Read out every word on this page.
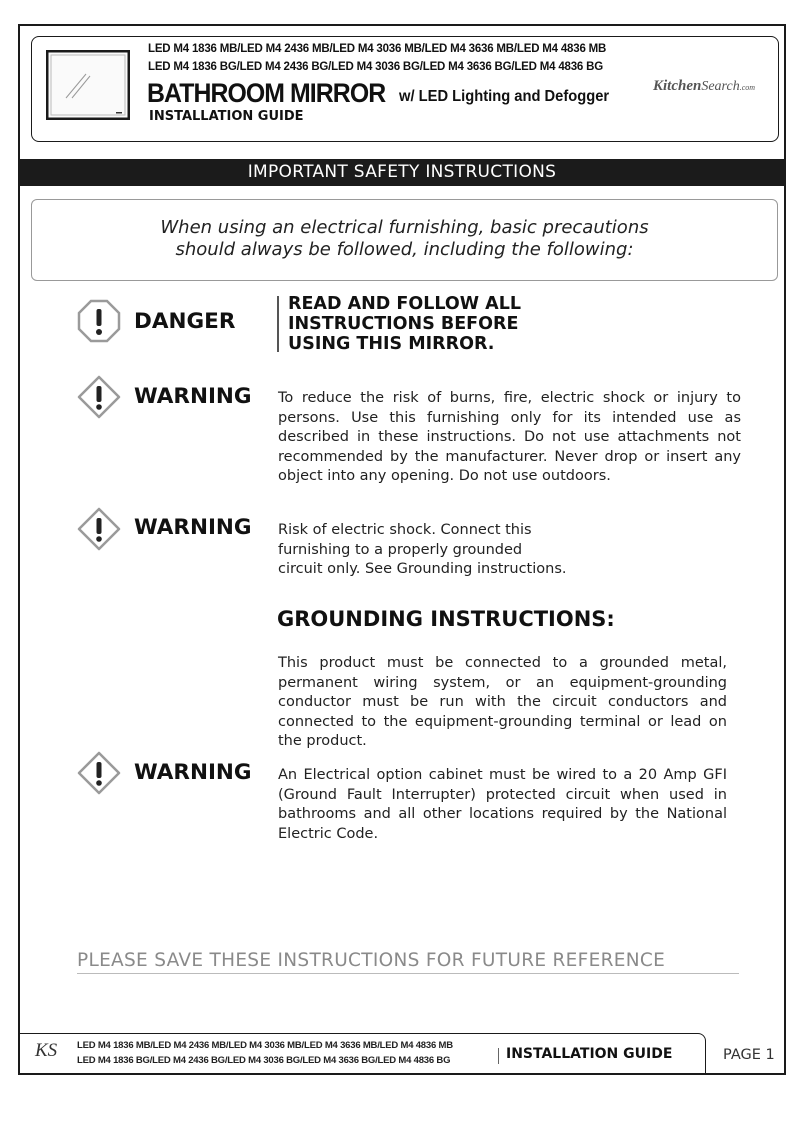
LED M4 1836 MB/LED M4 2436 MB/LED M4 3036 MB/LED M4 3636 MB/LED M4 4836 MB
LED M4 1836 BG/LED M4 2436 BG/LED M4 3036 BG/LED M4 3636 BG/LED M4 4836 BG
BATHROOM MIRROR w/ LED Lighting and Defogger
INSTALLATION GUIDE
KitchenSearch.com
IMPORTANT SAFETY INSTRUCTIONS
When using an electrical furnishing, basic precautions
should always be followed, including the following:
DANGER
READ AND FOLLOW ALL
INSTRUCTIONS BEFORE
USING THIS MIRROR.
WARNING To reduce the risk of burns, fire, electric shock or injury to persons. Use this furnishing only for its intended use as described in these instructions. Do not use attachments not recommended by the manufacturer. Never drop or insert any object into any opening. Do not use outdoors.
WARNING Risk of electric shock. Connect this
furnishing to a properly grounded
circuit only. See Grounding instructions.
GROUNDING INSTRUCTIONS:
This product must be connected to a grounded metal, permanent wiring system, or an equipment-grounding conductor must be run with the circuit conductors and connected to the equipment-grounding terminal or lead on the product.
WARNING An Electrical option cabinet must be wired to a 20 Amp GFI (Ground Fault Interrupter) protected circuit when used in bathrooms and all other locations required by the National Electric Code.
PLEASE SAVE THESE INSTRUCTIONS FOR FUTURE REFERENCE
KS LED M4 1836 MB/LED M4 2436 MB/LED M4 3036 MB/LED M4 3636 MB/LED M4 4836 MB
LED M4 1836 BG/LED M4 2436 BG/LED M4 3036 BG/LED M4 3636 BG/LED M4 4836 BG	INSTALLATION GUIDE	PAGE 1
